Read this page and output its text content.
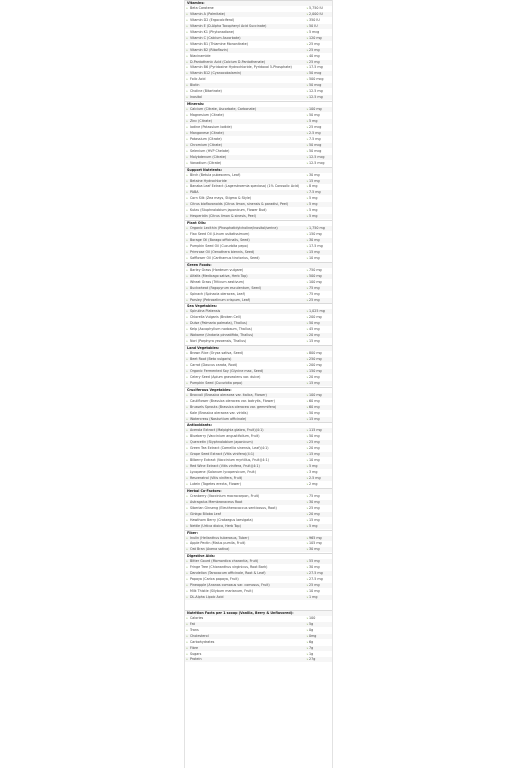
Vitamins:
» Beta Carotene	» 5,750 IU
» Vitamin A (Palmitate)	» 2,000 IU
» Vitamin D2 (Ergocalciferol)	» 350 IU
» Vitamin E (D-Alpha Tocopheryl Acid Succinate)	» 50 IU
» Vitamin K1 (Phytonadione)	» 5 mcg
» Vitamin C (Calcium Ascorbate)	» 120 mg
» Vitamin B1 (Thiamine Mononitrate)	» 25 mg
» Vitamin B2 (Riboflavin)	» 25 mg
» Niacinamide	» 40 mg
» D-Pantothenic Acid (Calcium D-Pantothenate)	» 25 mg
» Vitamin B6 (Pyridoxine Hydrochloride, Pyridoxal 5-Phosphate)	» 17.5 mg
» Vitamin B12 (Cyanocobalamin)	» 50 mcg
» Folic Acid	» 500 mcg
» Biotin	» 50 mcg
» Choline (Bitartrate)	» 12.5 mg
» Inositol	» 12.5 mg
Minerals:
» Calcium (Citrate, Ascorbate, Carbonate)	» 100 mg
» Magnesium (Citrate)	» 50 mg
» Zinc (Citrate)	» 5 mg
» Iodine (Potassium Iodide)	» 25 mcg
» Manganese (Citrate)	» 2.5 mg
» Potassium (Citrate)	» 7.5 mg
» Chromium (Citrate)	» 50 mcg
» Selenium (HVP Chelate)	» 50 mcg
» Molybdenum (Citrate)	» 12.5 mcg
» Vanadium (Citrate)	» 12.5 mcg
Support Nutrients:
» Birch (Betula pubescens, Leaf)	» 30 mg
» Betaine Hydrochloride	» 15 mg
» Banaba Leaf Extract (Lagerstroemia speciosa) (1% Corosolic Acid)	» 8 mg
» PABA	» 7.5 mg
» Corn Silk (Zea mays, Stigma & Style)	» 5 mg
» Citrus bioflavonoids (Citrus limon, sinensis & paradisi, Peel)	» 5 mg
» Kutzu (Stuphnolobium japonicum, Flower Bud)	» 5 mg
» Hesperidin (Citrus limon & sinesis, Peel)	» 5 mg
Plant Oils:
» Organic Lecithin (Phosphatidylcholine/inositol/serine)	» 1,750 mg
» Flax Seed Oil (Linum usitatissimum)	» 150 mg
» Borage Oil (Borago officinalis, Seed)	» 30 mg
» Pumpkin Seed Oil (Cucurbita pepo)	» 17.5 mg
» Primrose Oil (Oenothera biennis, Seed)	» 15 mg
» Safflower Oil (Carthamus tinctorius, Seed)	» 10 mg
Green Foods:
» Barley Grass (Hordeum vulgare)	» 750 mg
» Alfalfa (Medicago sativa, Herb Top)	» 500 mg
» Wheat Grass (Triticum aestivum)	» 100 mg
» Buckwheat (Fagopyrum esculentum, Seed)	» 75 mg
» Spinach (Spinacia oleracea, Leaf)	» 75 mg
» Parsley (Petroselinum crispum, Leaf)	» 25 mg
Sea Vegetables:
» Spirulina Platensis	» 1,025 mg
» Chlorella Vulgaris (Broken Cell)	» 200 mg
» Dulse (Palmaria palmata), Thallus)	» 50 mg
» Kelp (Ascophyllum nodosum, Thallus)	» 45 mg
» Wakame (Undaria pinnatifida, Thallus)	» 20 mg
» Nori (Porphyra yezoensis, Thallus)	» 15 mg
Land Vegetables:
» Brown Rice (Oryza sativa, Seed)	» 800 mg
» Beet Root (Beta vulgaris)	» 250 mg
» Carrot (Daucus carota, Root)	» 200 mg
» Organic Fermented Soy (Glycine max, Seed)	» 150 mg
» Celery Seed (Apium graveolens var. dulce)	» 20 mg
» Pumpkin Seed (Cucurbita pepo)	» 15 mg
Cruciferous Vegetables:
» Broccoli (Brassica oleracea var. italica, Flower)	» 100 mg
» Cauliflower (Brassica oleracea var. botrytis, Flower)	» 60 mg
» Brussels Sprouts (Brassica oleracea var. gemmifera)	» 60 mg
» Kale (Brassica oleracea var. viridis)	» 50 mg
» Watercress (Nasturtium officinale)	» 15 mg
Antioxidants:
» Acerola Extract (Malpighia glabra, Fruit)(4:1)	» 115 mg
» Blueberry (Vaccinium angustifolium, Fruit)	» 50 mg
» Quercetin (Styphnolobium japonicum)	» 25 mg
» Green Tea Extract (Camellia sinensis, Leaf)(4:1)	» 20 mg
» Grape Seed Extract (Vitis vinifera)(4:1)	» 15 mg
» Bilberry Extract (Vaccinium myrtillus, Fruit)(4:1)	» 10 mg
» Red Wine Extract (Vitis vinifera, Fruit)(4:1)	» 5 mg
» Lycopene (Solanum lycopersicum, Fruit)	» 3 mg
» Resveratrol (Vitis vinifera, Fruit)	» 2.5 mg
» Lutein (Tagetes erecta, Flower)	» 2 mg
Herbal Co-Factors:
» Cranberry (Vaccinium macrocarpon, Fruit)	» 75 mg
» Astragalus Membranaceus Root	» 30 mg
» Siberian Ginseng (Eleutherococcus senticosus, Root)	» 25 mg
» Ginkgo Biloba Leaf	» 20 mg
» Hawthorn Berry (Crataegus laevigata)	» 15 mg
» Nettle (Urtica dioica, Herb Top)	» 5 mg
Fiber:
» Inulin (Helianthus tuberosus, Tuber)	» 965 mg
» Apple Pectin (Malus pumila, Fruit)	» 105 mg
» Oat Bran (Avena sativa)	» 30 mg
Digestive Aids:
» Bitter Gourd (Momordica charantia, Fruit)	» 55 mg
» Fringe Tree (Chionanthus virginicus, Root Bark)	» 30 mg
» Dandelion (Taraxacum officinale, Root & Leaf)	» 27.5 mg
» Papaya (Carica papaya, Fruit)	» 27.5 mg
» Pineapple (Ananas comosus var. comosus, Fruit)	» 25 mg
» Milk Thistle (Silybum marianum, Fruit)	» 10 mg
» DL-Alpha Lipoic Acid	» 1 mg
Nutrition Facts per 1 scoop (Vanilla, Berry & Unflavored):
» Calories	» 100
» Fat	» 5g
» Trans	» 0g
» Cholesterol	» 0mg
» Carbohydrates	» 6g
» Fibre	» 7g
» Sugars	» 1g
» Protein	» 27g
